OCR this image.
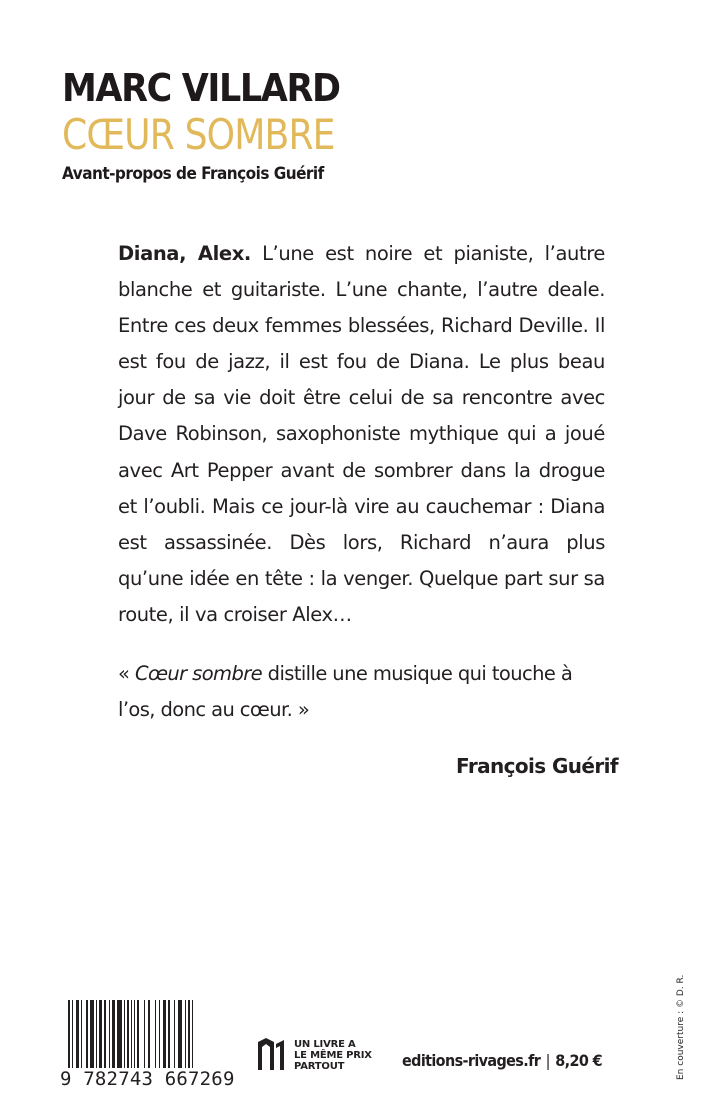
MARC VILLARD
CŒUR SOMBRE
Avant-propos de François Guérif
Diana, Alex. L’une est noire et pianiste, l’autre blanche et guitariste. L’une chante, l’autre deale. Entre ces deux femmes blessées, Richard Deville. Il est fou de jazz, il est fou de Diana. Le plus beau jour de sa vie doit être celui de sa rencontre avec Dave Robinson, saxophoniste mythique qui a joué avec Art Pepper avant de sombrer dans la drogue et l’oubli. Mais ce jour-là vire au cauchemar : Diana est assassinée. Dès lors, Richard n’aura plus qu’une idée en tête : la venger. Quelque part sur sa route, il va croiser Alex…
« Cœur sombre distille une musique qui touche à l’os, donc au cœur. »
François Guérif
En couverture : © D. R.
9 782743 667269
UN LIVRE A
LE MÊME PRIX
PARTOUT	editions-rivages.fr | 8,20 €
